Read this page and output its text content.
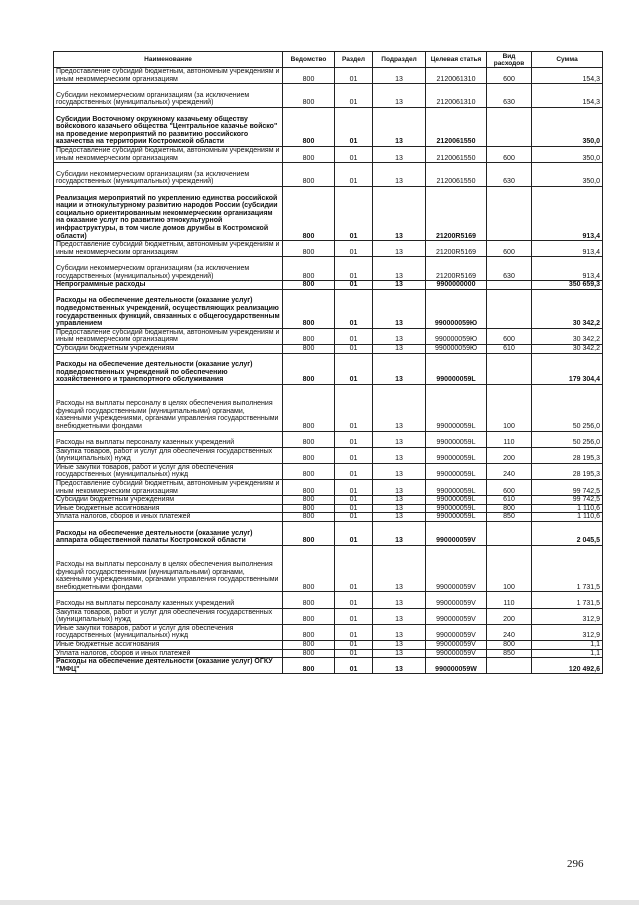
Наименование	Ведомство	Раздел	Подраздел	Целевая статья	Вид расходов	Сумма
Предоставление субсидий бюджетным, автономным учреждениям и иным некоммерческим организациям	800	01	13	2120061310	600	154,3
Субсидии некоммерческим организациям (за исключением государственных (муниципальных) учреждений)	800	01	13	2120061310	630	154,3
Субсидии Восточному окружному казачьему обществу войскового казачьего общества "Центральное казачье войско" на проведение мероприятий по развитию российского казачества на территории Костромской области	800	01	13	2120061550		350,0
Предоставление субсидий бюджетным, автономным учреждениям и иным некоммерческим организациям	800	01	13	2120061550	600	350,0
Субсидии некоммерческим организациям (за исключением государственных (муниципальных) учреждений)	800	01	13	2120061550	630	350,0
Реализация мероприятий по укреплению единства российской нации и этнокультурному развитию народов России (субсидии социально ориентированным некоммерческим организациям на оказание услуг по развитию этнокультурной инфраструктуры, в том числе домов дружбы в Костромской области)	800	01	13	21200R5169		913,4
Предоставление субсидий бюджетным, автономным учреждениям и иным некоммерческим организациям	800	01	13	21200R5169	600	913,4
Субсидии некоммерческим организациям (за исключением государственных (муниципальных) учреждений)	800	01	13	21200R5169	630	913,4
Непрограммные расходы	800	01	13	9900000000		350 659,3
Расходы на обеспечение деятельности (оказание услуг) подведомственных учреждений, осуществляющих реализацию государственных функций, связанных с общегосударственным управлением	800	01	13	990000059Ю		30 342,2
Предоставление субсидий бюджетным, автономным учреждениям и иным некоммерческим организациям	800	01	13	990000059Ю	600	30 342,2
Субсидии бюджетным учреждениям	800	01	13	990000059Ю	610	30 342,2
Расходы на обеспечение деятельности (оказание услуг) подведомственных учреждений по обеспечению хозяйственного и транспортного обслуживания	800	01	13	990000059L		179 304,4
Расходы на выплаты персоналу в целях обеспечения выполнения функций государственными (муниципальными) органами, казенными учреждениями, органами управления государственными внебюджетными фондами	800	01	13	990000059L	100	50 256,0
Расходы на выплаты персоналу казенных учреждений	800	01	13	990000059L	110	50 256,0
Закупка товаров, работ и услуг для обеспечения государственных (муниципальных) нужд	800	01	13	990000059L	200	28 195,3
Иные закупки товаров, работ и услуг для обеспечения государственных (муниципальных) нужд	800	01	13	990000059L	240	28 195,3
Предоставление субсидий бюджетным, автономным учреждениям и иным некоммерческим организациям	800	01	13	990000059L	600	99 742,5
Субсидии бюджетным учреждениям	800	01	13	990000059L	610	99 742,5
Иные бюджетные ассигнования	800	01	13	990000059L	800	1 110,6
Уплата налогов, сборов и иных платежей	800	01	13	990000059L	850	1 110,6
Расходы на обеспечение деятельности (оказание услуг) аппарата общественной палаты Костромской области	800	01	13	990000059V		2 045,5
Расходы на выплаты персоналу в целях обеспечения выполнения функций государственными (муниципальными) органами, казенными учреждениями, органами управления государственными внебюджетными фондами	800	01	13	990000059V	100	1 731,5
Расходы на выплаты персоналу казенных учреждений	800	01	13	990000059V	110	1 731,5
Закупка товаров, работ и услуг для обеспечения государственных (муниципальных) нужд	800	01	13	990000059V	200	312,9
Иные закупки товаров, работ и услуг для обеспечения государственных (муниципальных) нужд	800	01	13	990000059V	240	312,9
Иные бюджетные ассигнования	800	01	13	990000059V	800	1,1
Уплата налогов, сборов и иных платежей	800	01	13	990000059V	850	1,1
Расходы на обеспечение деятельности (оказание услуг) ОГКУ "МФЦ"	800	01	13	990000059W		120 492,6
296
